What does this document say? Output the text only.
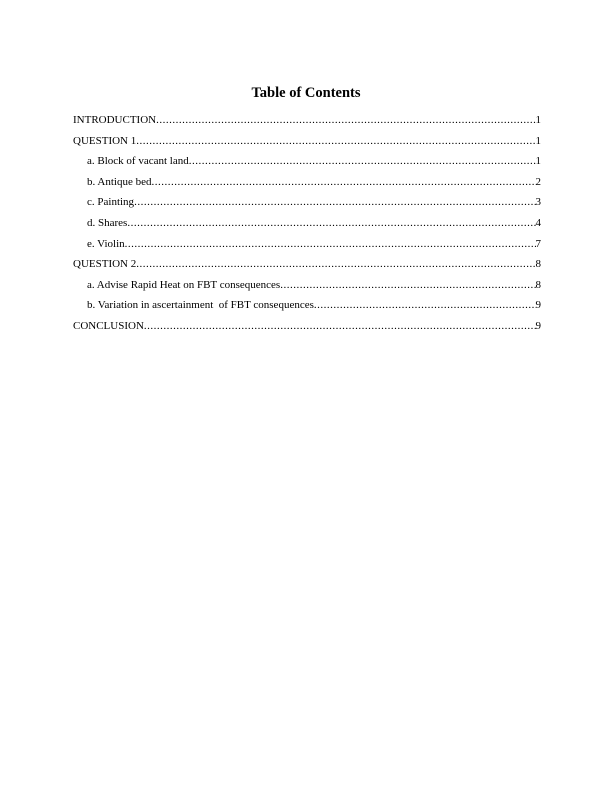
Table of Contents
INTRODUCTION .....	1
QUESTION 1 .....	1
a. Block of vacant land .....	1
b. Antique bed .....	2
c. Painting .....	3
d. Shares .....	4
e. Violin .....	7
QUESTION 2 .....	8
a. Advise Rapid Heat on FBT consequences .....	8
b. Variation in ascertainment  of FBT consequences .....	9
CONCLUSION .....	9
